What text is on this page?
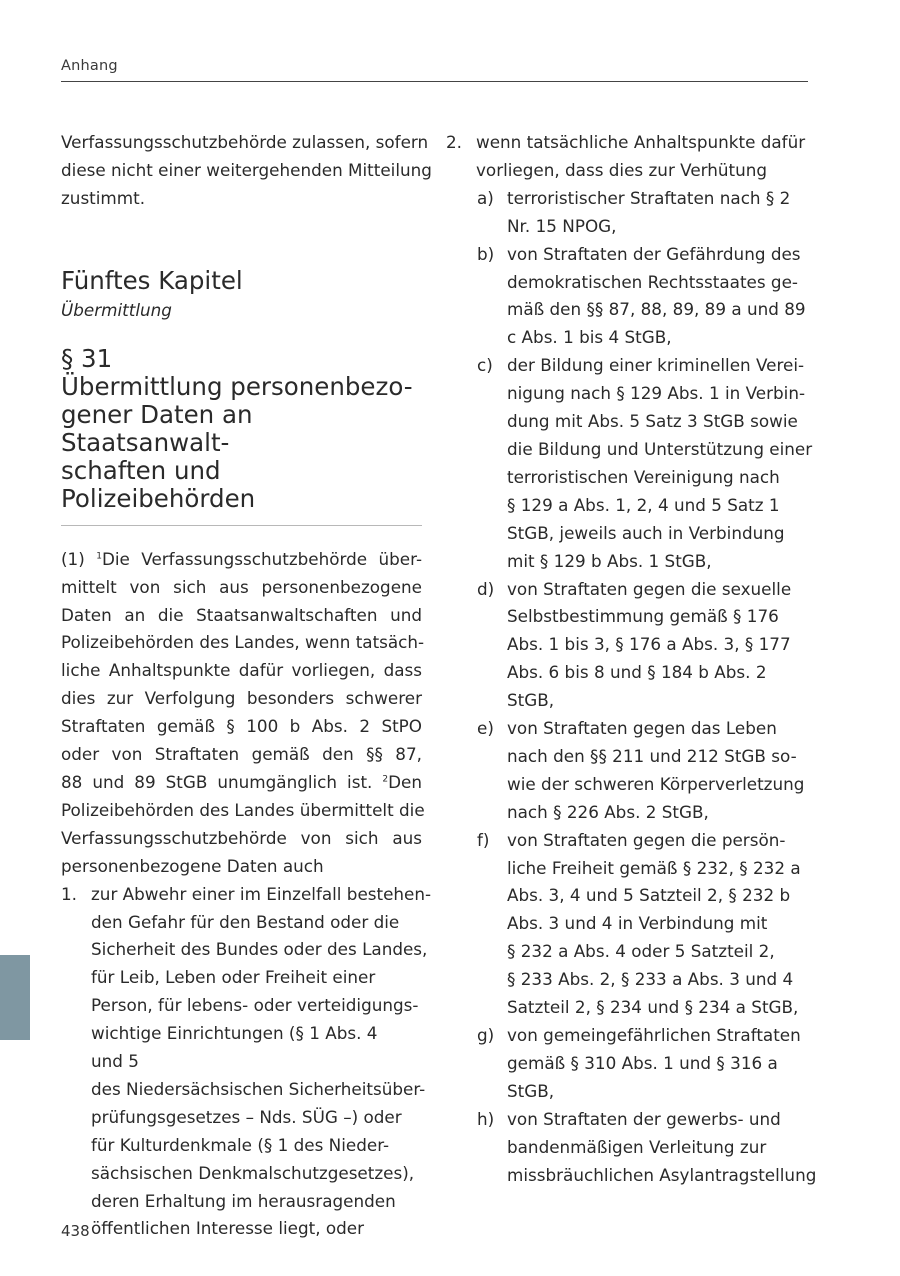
Anhang
438
Verfassungsschutzbehörde zulassen, sofern
diese nicht einer weitergehenden Mitteilung
zustimmt.
Fünftes Kapitel
Übermittlung
§ 31
Übermittlung personenbezo-
gener Daten an Staatsanwalt-
schaften und Polizeibehörden
(1) $^1$Die Verfassungsschutzbehörde über-
mittelt von sich aus personenbezogene
Daten an die Staatsanwaltschaften und
Polizeibehörden des Landes, wenn tatsäch-
liche Anhaltspunkte dafür vorliegen, dass
dies zur Verfolgung besonders schwerer
Straftaten gemäß § 100 b Abs. 2 StPO
oder von Straftaten gemäß den §§ 87,
88 und 89 StGB unumgänglich ist. $^2$Den
Polizeibehörden des Landes übermittelt die
Verfassungsschutzbehörde von sich aus
personenbezogene Daten auch
1. zur Abwehr einer im Einzelfall bestehen-
den Gefahr für den Bestand oder die
Sicherheit des Bundes oder des Landes,
für Leib, Leben oder Freiheit einer
Person, für lebens- oder verteidigungs-
wichtige Einrichtungen (§ 1 Abs. 4
und 5
des Niedersächsischen Sicherheitsüber-
prüfungsgesetzes – Nds. SÜG –) oder
für Kulturdenkmale (§ 1 des Nieder-
sächsischen Denkmalschutzgesetzes),
deren Erhaltung im herausragenden
öffentlichen Interesse liegt, oder
2. wenn tatsächliche Anhaltspunkte dafür
vorliegen, dass dies zur Verhütung
a) terroristischer Straftaten nach § 2
Nr. 15 NPOG,
b) von Straftaten der Gefährdung des
demokratischen Rechtsstaates ge-
mäß den §§ 87, 88, 89, 89 a und 89
c Abs. 1 bis 4 StGB,
c) der Bildung einer kriminellen Verei-
nigung nach § 129 Abs. 1 in Verbin-
dung mit Abs. 5 Satz 3 StGB sowie
die Bildung und Unterstützung einer
terroristischen Vereinigung nach
§ 129 a Abs. 1, 2, 4 und 5 Satz 1
StGB, jeweils auch in Verbindung
mit § 129 b Abs. 1 StGB,
d) von Straftaten gegen die sexuelle
Selbstbestimmung gemäß § 176
Abs. 1 bis 3, § 176 a Abs. 3, § 177
Abs. 6 bis 8 und § 184 b Abs. 2
StGB,
e) von Straftaten gegen das Leben
nach den §§ 211 und 212 StGB so-
wie der schweren Körperverletzung
nach § 226 Abs. 2 StGB,
f)	von Straftaten gegen die persön-
liche Freiheit gemäß § 232, § 232 a
Abs. 3, 4 und 5 Satzteil 2, § 232 b
Abs. 3 und 4 in Verbindung mit
§ 232 a Abs. 4 oder 5 Satzteil 2,
§ 233 Abs. 2, § 233 a Abs. 3 und 4
Satzteil 2, § 234 und § 234 a StGB,
g) von gemeingefährlichen Straftaten
gemäß § 310 Abs. 1 und § 316 a
StGB,
h) von Straftaten der gewerbs- und
bandenmäßigen Verleitung zur
missbräuchlichen Asylantragstellung
